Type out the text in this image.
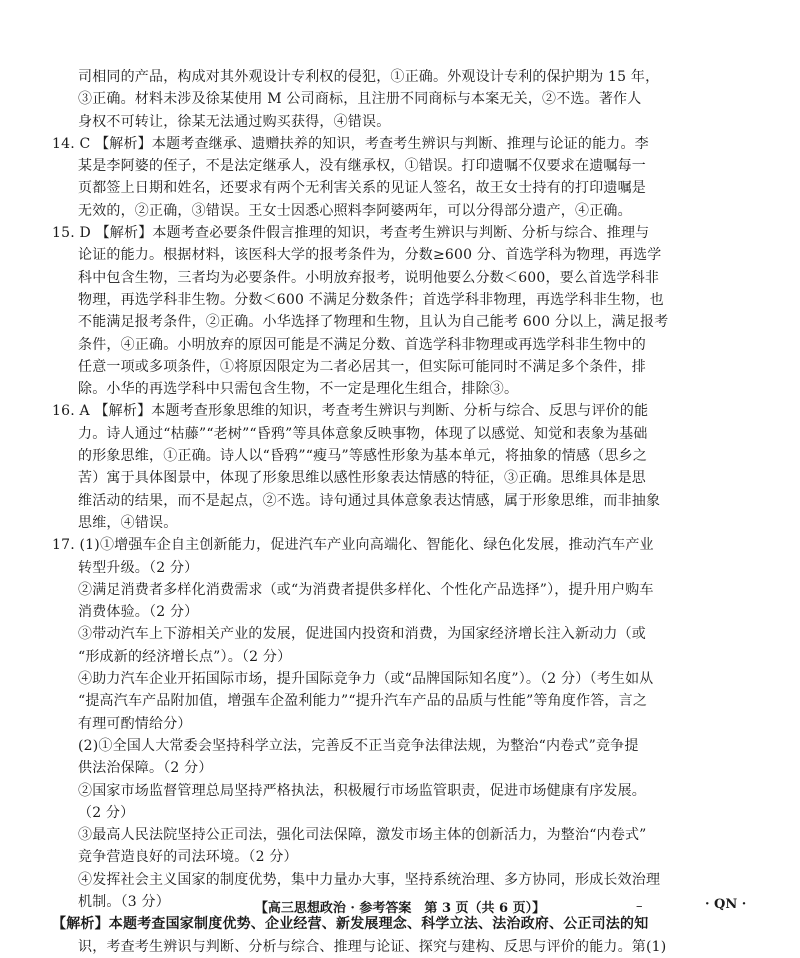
司相同的产品，构成对其外观设计专利权的侵犯，①正确。外观设计专利的保护期为 15 年，
③正确。材料未涉及徐某使用 M 公司商标，且注册不同商标与本案无关，②不选。著作人
身权不可转让，徐某无法通过购买获得，④错误。
14. C 【解析】本题考查继承、遗赠扶养的知识，考查考生辨识与判断、推理与论证的能力。李
某是李阿婆的侄子，不是法定继承人，没有继承权，①错误。打印遗嘱不仅要求在遗嘱每一
页都签上日期和姓名，还要求有两个无利害关系的见证人签名，故王女士持有的打印遗嘱是
无效的，②正确，③错误。王女士因悉心照料李阿婆两年，可以分得部分遗产，④正确。
15. D 【解析】本题考查必要条件假言推理的知识，考查考生辨识与判断、分析与综合、推理与
论证的能力。根据材料，该医科大学的报考条件为，分数≥600 分、首选学科为物理，再选学
科中包含生物，三者均为必要条件。小明放弃报考，说明他要么分数＜600，要么首选学科非
物理，再选学科非生物。分数＜600 不满足分数条件；首选学科非物理，再选学科非生物，也
不能满足报考条件，②正确。小华选择了物理和生物，且认为自己能考 600 分以上，满足报考
条件，④正确。小明放弃的原因可能是不满足分数、首选学科非物理或再选学科非生物中的
任意一项或多项条件，①将原因限定为二者必居其一，但实际可能同时不满足多个条件，排
除。小华的再选学科中只需包含生物，不一定是理化生组合，排除③。
16. A 【解析】本题考查形象思维的知识，考查考生辨识与判断、分析与综合、反思与评价的能
力。诗人通过“枯藤”“老树”“昏鸦”等具体意象反映事物，体现了以感觉、知觉和表象为基础
的形象思维，①正确。诗人以“昏鸦”“瘦马”等感性形象为基本单元，将抽象的情感（思乡之
苦）寓于具体图景中，体现了形象思维以感性形象表达情感的特征，③正确。思维具体是思
维活动的结果，而不是起点，②不选。诗句通过具体意象表达情感，属于形象思维，而非抽象
思维，④错误。
17. (1)①增强车企自主创新能力，促进汽车产业向高端化、智能化、绿色化发展，推动汽车产业
转型升级。（2 分）
②满足消费者多样化消费需求（或“为消费者提供多样化、个性化产品选择”），提升用户购车
消费体验。（2 分）
③带动汽车上下游相关产业的发展，促进国内投资和消费，为国家经济增长注入新动力（或
“形成新的经济增长点”）。（2 分）
④助力汽车企业开拓国际市场，提升国际竞争力（或“品牌国际知名度”）。（2 分）（考生如从
“提高汽车产品附加值，增强车企盈利能力”“提升汽车产品的品质与性能”等角度作答，言之
有理可酌情给分）
(2)①全国人大常委会坚持科学立法，完善反不正当竞争法律法规，为整治“内卷式”竞争提
供法治保障。（2 分）
②国家市场监督管理总局坚持严格执法，积极履行市场监管职责，促进市场健康有序发展。
（2 分）
③最高人民法院坚持公正司法，强化司法保障，激发市场主体的创新活力，为整治“内卷式”
竞争营造良好的司法环境。（2 分）
④发挥社会主义国家的制度优势，集中力量办大事，坚持系统治理、多方协同，形成长效治理
机制。（3 分）
【解析】本题考查国家制度优势、企业经营、新发展理念、科学立法、法治政府、公正司法的知
识，考查考生辨识与判断、分析与综合、推理与论证、探究与建构、反思与评价的能力。第(1)
【高三思想政治 · 参考答案　第 3 页（共 6 页）】	–	· QN ·
